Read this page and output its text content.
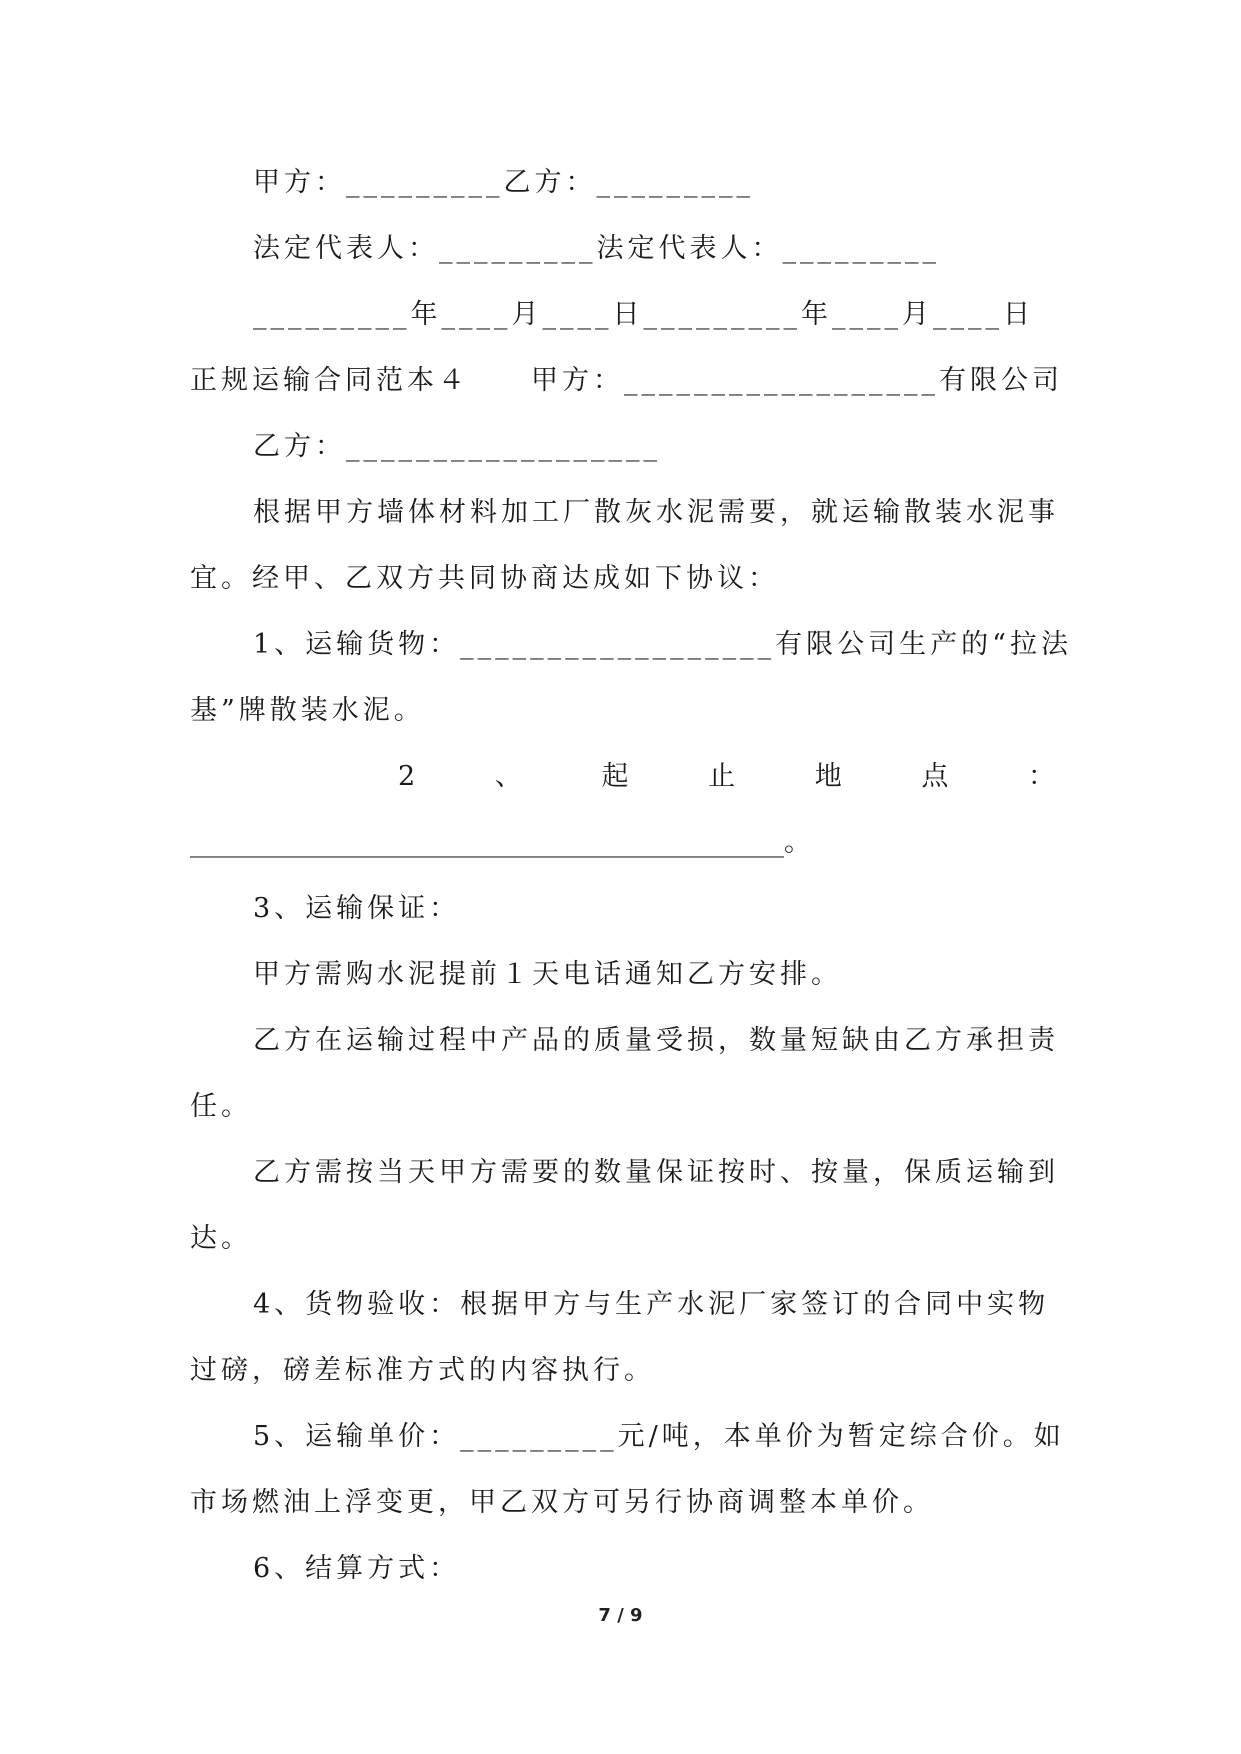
甲方：_________乙方：_________
法定代表人：_________法定代表人：_________
_________年____月____日_________年____月____日
正规运输合同范本４　　甲方：__________________有限公司
乙方：__________________
根据甲方墙体材料加工厂散灰水泥需要，就运输散装水泥事
宜。经甲、乙双方共同协商达成如下协议：
1、运输货物：__________________有限公司生产的“拉法
基”牌散装水泥。
2	、	起	止	地	点	：
____________________________________________。
3、运输保证：
甲方需购水泥提前１天电话通知乙方安排。
乙方在运输过程中产品的质量受损，数量短缺由乙方承担责
任。
乙方需按当天甲方需要的数量保证按时、按量，保质运输到
达。
4、货物验收：根据甲方与生产水泥厂家签订的合同中实物
过磅，磅差标准方式的内容执行。
5、运输单价：_________元/吨，本单价为暂定综合价。如
市场燃油上浮变更，甲乙双方可另行协商调整本单价。
6、结算方式：
7 / 9
